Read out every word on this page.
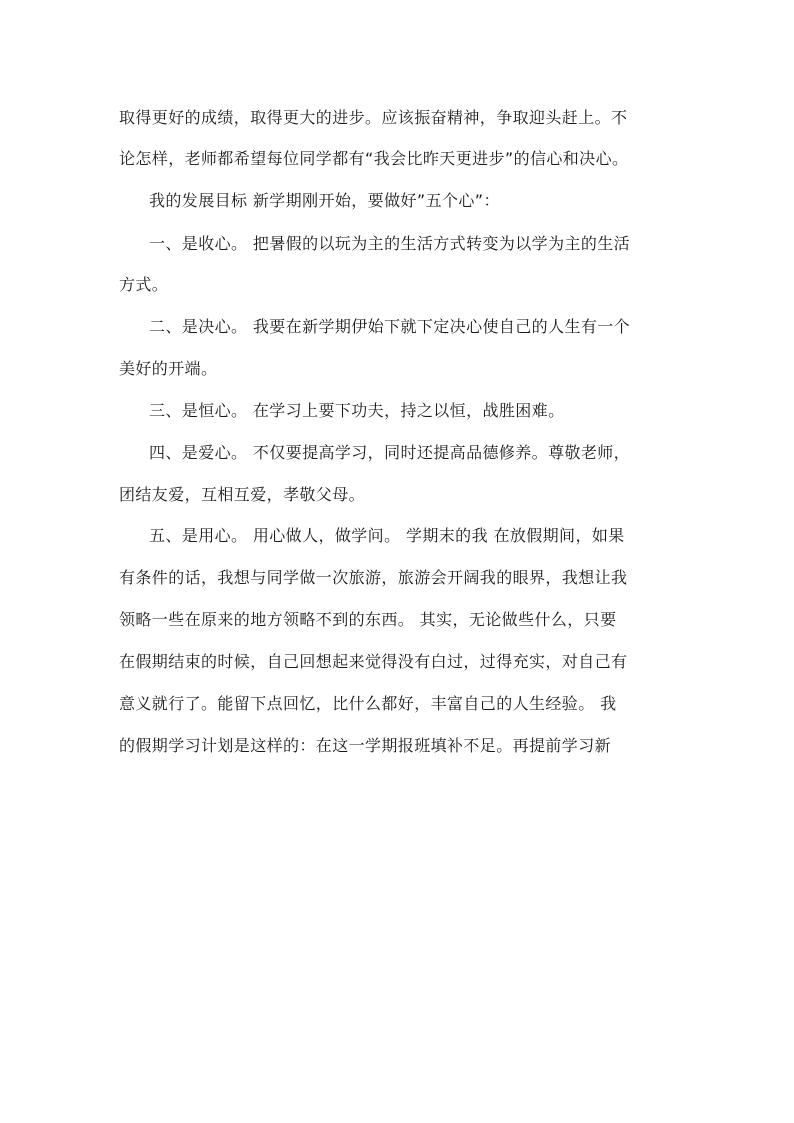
取得更好的成绩，取得更大的进步。应该振奋精神，争取迎头赶上。不
论怎样，老师都希望每位同学都有“我会比昨天更进步”的信心和决心。
我的发展目标 新学期刚开始，要做好”五个心”：
一、是收心。 把暑假的以玩为主的生活方式转变为以学为主的生活
方式。
二、是决心。 我要在新学期伊始下就下定决心使自己的人生有一个
美好的开端。
三、是恒心。 在学习上要下功夫，持之以恒，战胜困难。
四、是爱心。 不仅要提高学习，同时还提高品德修养。尊敬老师，
团结友爱，互相互爱，孝敬父母。
五、是用心。 用心做人，做学问。 学期末的我 在放假期间，如果
有条件的话，我想与同学做一次旅游，旅游会开阔我的眼界，我想让我
领略一些在原来的地方领略不到的东西。 其实，无论做些什么，只要
在假期结束的时候，自己回想起来觉得没有白过，过得充实，对自己有
意义就行了。能留下点回忆，比什么都好，丰富自己的人生经验。 我
的假期学习计划是这样的：在这一学期报班填补不足。再提前学习新
